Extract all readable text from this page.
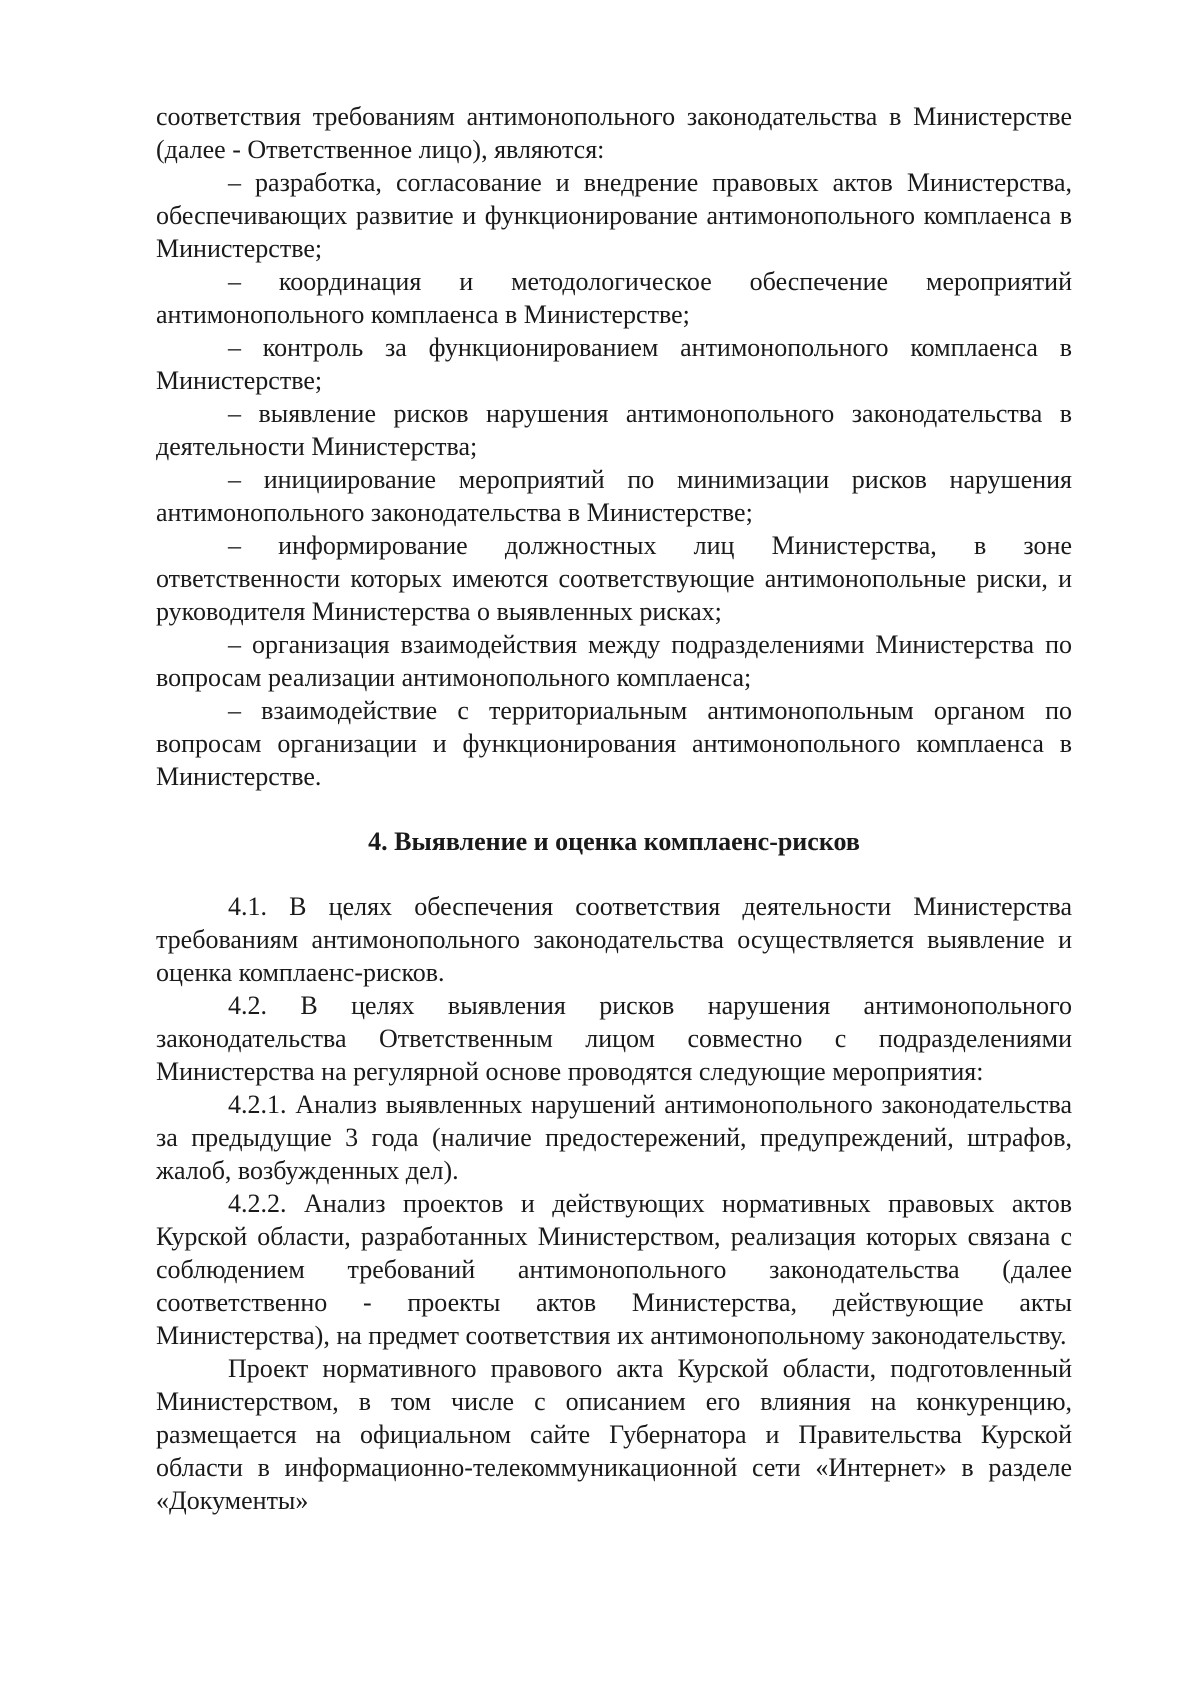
соответствия требованиям антимонопольного законодательства в Министерстве (далее - Ответственное лицо), являются:

– разработка, согласование и внедрение правовых актов Министерства, обеспечивающих развитие и функционирование антимонопольного комплаенса в Министерстве;

– координация и методологическое обеспечение мероприятий антимонопольного комплаенса в Министерстве;

– контроль за функционированием антимонопольного комплаенса в Министерстве;

– выявление рисков нарушения антимонопольного законодательства в деятельности Министерства;

– инициирование мероприятий по минимизации рисков нарушения антимонопольного законодательства в Министерстве;

– информирование должностных лиц Министерства, в зоне ответственности которых имеются соответствующие антимонопольные риски, и руководителя Министерства о выявленных рисках;

– организация взаимодействия между подразделениями Министерства по вопросам реализации антимонопольного комплаенса;

– взаимодействие с территориальным антимонопольным органом по вопросам организации и функционирования антимонопольного комплаенса в Министерстве.

4. Выявление и оценка комплаенс-рисков

4.1. В целях обеспечения соответствия деятельности Министерства требованиям антимонопольного законодательства осуществляется выявление и оценка комплаенс-рисков.

4.2. В целях выявления рисков нарушения антимонопольного законодательства Ответственным лицом совместно с подразделениями Министерства на регулярной основе проводятся следующие мероприятия:

4.2.1. Анализ выявленных нарушений антимонопольного законодательства за предыдущие 3 года (наличие предостережений, предупреждений, штрафов, жалоб, возбужденных дел).

4.2.2. Анализ проектов и действующих нормативных правовых актов Курской области, разработанных Министерством, реализация которых связана с соблюдением требований антимонопольного законодательства (далее соответственно - проекты актов Министерства, действующие акты Министерства), на предмет соответствия их антимонопольному законодательству.

Проект нормативного правового акта Курской области, подготовленный Министерством, в том числе с описанием его влияния на конкуренцию, размещается на официальном сайте Губернатора и Правительства Курской области в информационно-телекоммуникационной сети «Интернет» в разделе «Документы»
